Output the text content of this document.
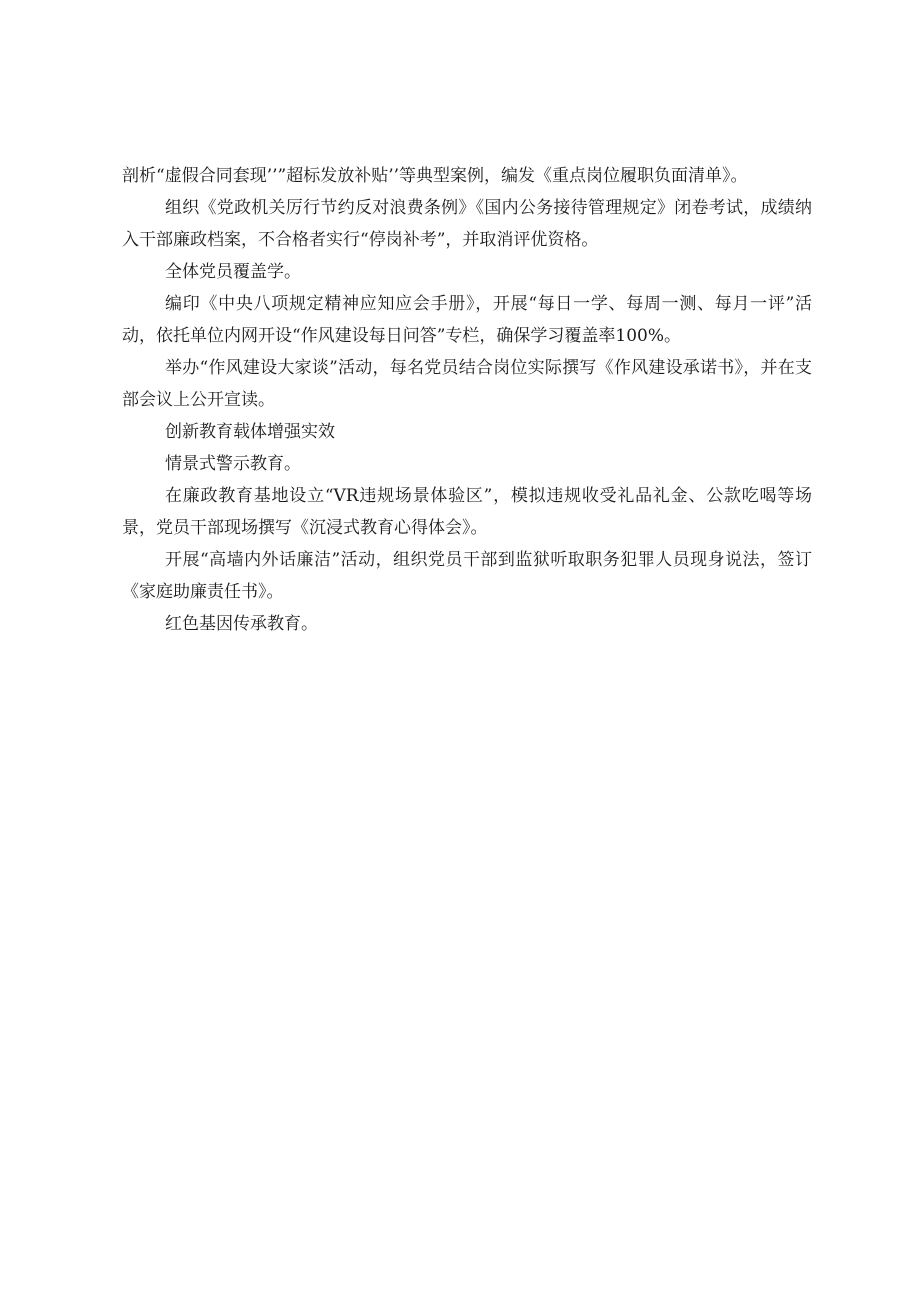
剖析“虚假合同套现’’”超标发放补贴’’等典型案例，编发《重点岗位履职负面清单》。

组织《党政机关厉行节约反对浪费条例》《国内公务接待管理规定》闭卷考试，成绩纳入干部廉政档案，不合格者实行“停岗补考”，并取消评优资格。

全体党员覆盖学。

编印《中央八项规定精神应知应会手册》，开展“每日一学、每周一测、每月一评”活动，依托单位内网开设“作风建设每日问答”专栏，确保学习覆盖率100%。

举办“作风建设大家谈”活动，每名党员结合岗位实际撰写《作风建设承诺书》，并在支部会议上公开宣读。

创新教育载体增强实效

情景式警示教育。

在廉政教育基地设立“VR违规场景体验区”，模拟违规收受礼品礼金、公款吃喝等场景，党员干部现场撰写《沉浸式教育心得体会》。

开展“高墙内外话廉洁”活动，组织党员干部到监狱听取职务犯罪人员现身说法，签订《家庭助廉责任书》。

红色基因传承教育。
